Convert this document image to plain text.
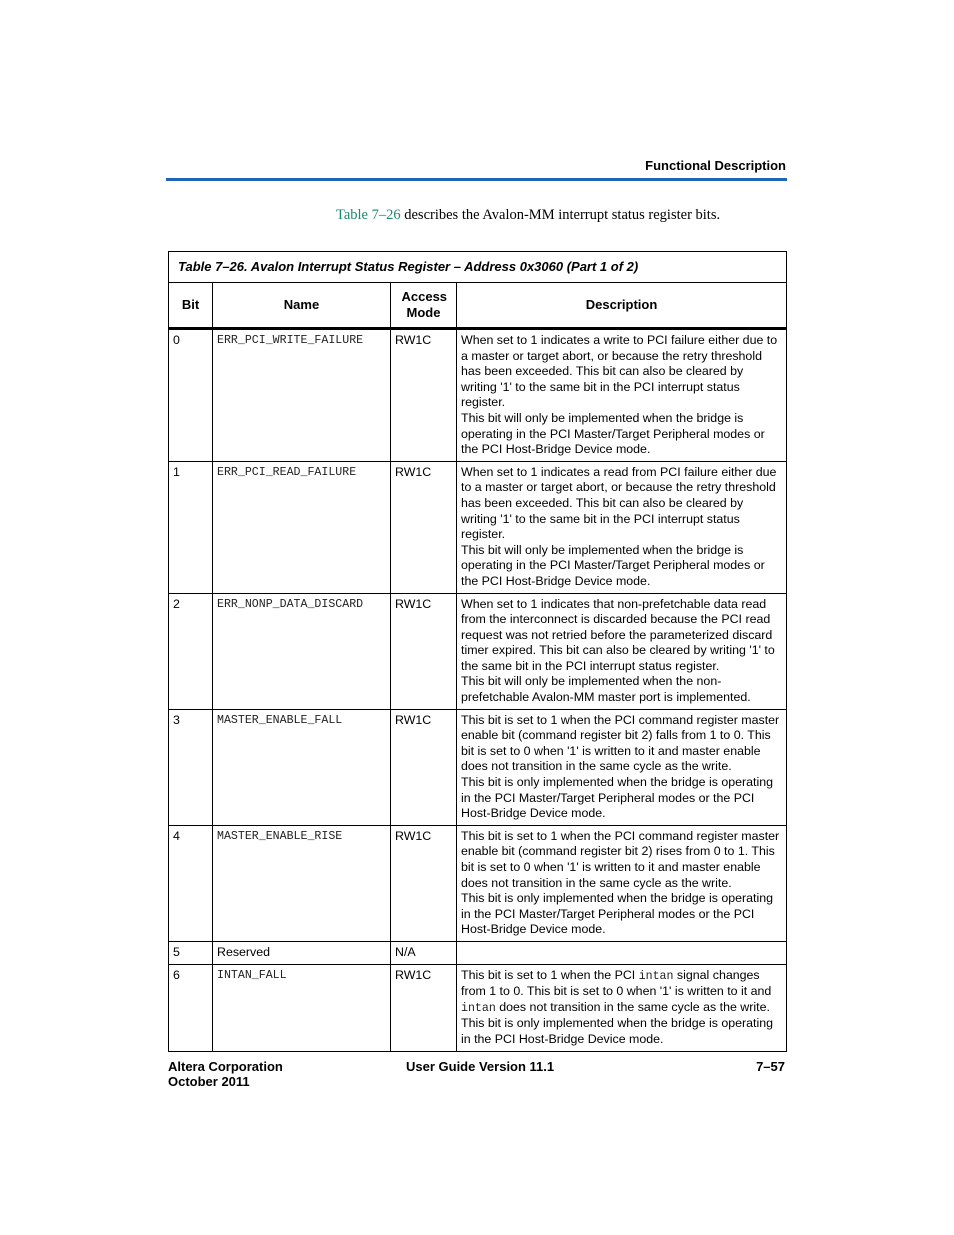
Functional Description
Table 7–26 describes the Avalon-MM interrupt status register bits.
Table 7–26. Avalon Interrupt Status Register – Address 0x3060 (Part 1 of 2)			
Bit	Name	Access Mode	Description
0	ERR_PCI_WRITE_FAILURE	RW1C	When set to 1 indicates a write to PCI failure either due to a master or target abort, or because the retry threshold has been exceeded. This bit can also be cleared by writing '1' to the same bit in the PCI interrupt status register.
This bit will only be implemented when the bridge is operating in the PCI Master/Target Peripheral modes or the PCI Host-Bridge Device mode.

1	ERR_PCI_READ_FAILURE	RW1C	When set to 1 indicates a read from PCI failure either due to a master or target abort, or because the retry threshold has been exceeded. This bit can also be cleared by writing '1' to the same bit in the PCI interrupt status register.
This bit will only be implemented when the bridge is operating in the PCI Master/Target Peripheral modes or the PCI Host-Bridge Device mode.

2	ERR_NONP_DATA_DISCARD	RW1C	When set to 1 indicates that non-prefetchable data read from the interconnect is discarded because the PCI read request was not retried before the parameterized discard timer expired. This bit can also be cleared by writing '1' to the same bit in the PCI interrupt status register.
This bit will only be implemented when the non-prefetchable Avalon-MM master port is implemented.

3	MASTER_ENABLE_FALL	RW1C	This bit is set to 1 when the PCI command register master enable bit (command register bit 2) falls from 1 to 0. This bit is set to 0 when '1' is written to it and master enable does not transition in the same cycle as the write.
This bit is only implemented when the bridge is operating in the PCI Master/Target Peripheral modes or the PCI Host-Bridge Device mode.

4	MASTER_ENABLE_RISE	RW1C	This bit is set to 1 when the PCI command register master enable bit (command register bit 2) rises from 0 to 1. This bit is set to 0 when '1' is written to it and master enable does not transition in the same cycle as the write.
This bit is only implemented when the bridge is operating in the PCI Master/Target Peripheral modes or the PCI Host-Bridge Device mode.

5	Reserved	N/A	
6	INTAN_FALL	RW1C	This bit is set to 1 when the PCI intan signal changes from 1 to 0. This bit is set to 0 when '1' is written to it and intan does not transition in the same cycle as the write.
This bit is only implemented when the bridge is operating in the PCI Host-Bridge Device mode.
Altera Corporation
October 2011
User Guide Version 11.1	7–57
